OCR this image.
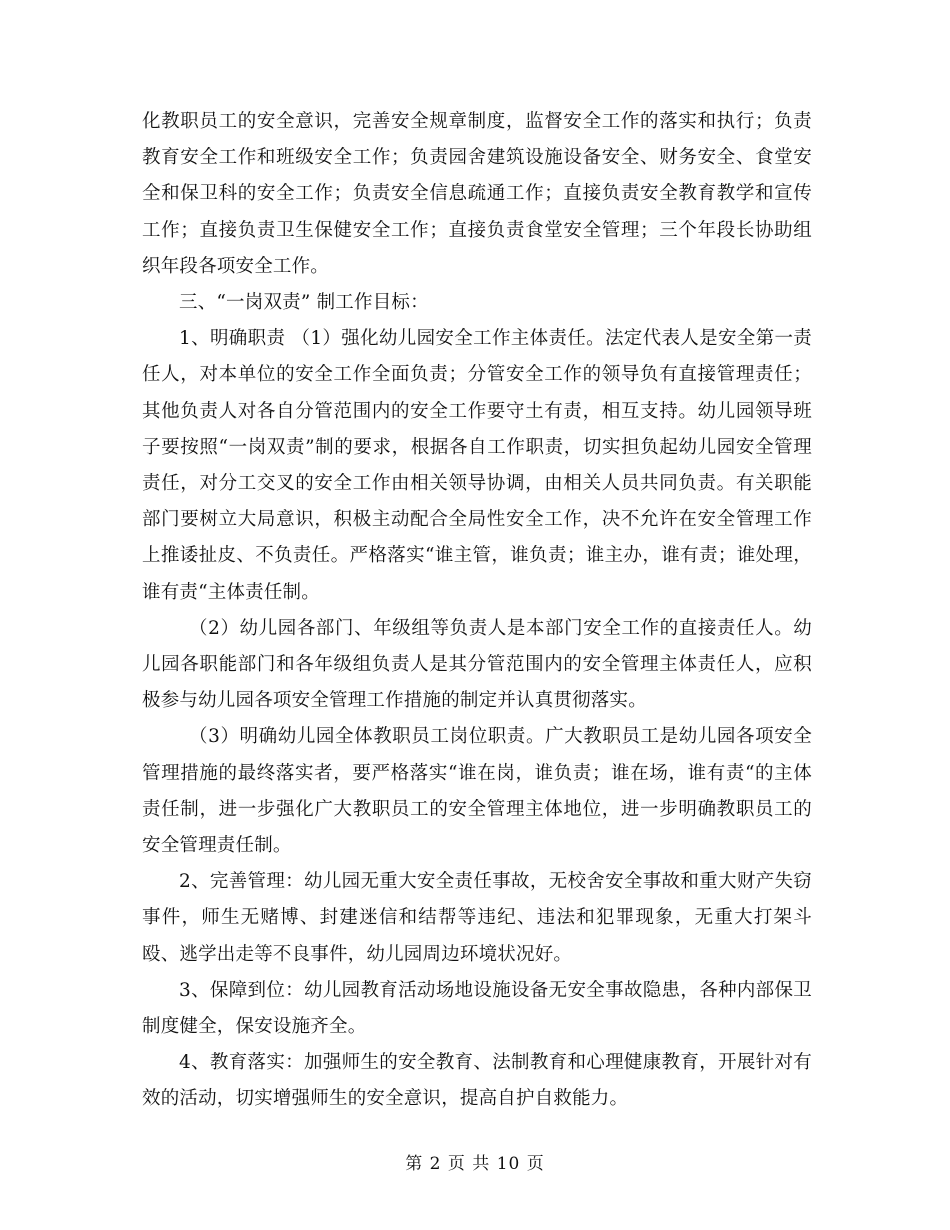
化教职员工的安全意识，完善安全规章制度，监督安全工作的落实和执行；负责教育安全工作和班级安全工作；负责园舍建筑设施设备安全、财务安全、食堂安全和保卫科的安全工作；负责安全信息疏通工作；直接负责安全教育教学和宣传工作；直接负责卫生保健安全工作；直接负责食堂安全管理；三个年段长协助组织年段各项安全工作。

三、“一岗双责” 制工作目标：

1、明确职责 （1）强化幼儿园安全工作主体责任。法定代表人是安全第一责任人，对本单位的安全工作全面负责；分管安全工作的领导负有直接管理责任；其他负责人对各自分管范围内的安全工作要守土有责，相互支持。幼儿园领导班子要按照“一岗双责”制的要求，根据各自工作职责，切实担负起幼儿园安全管理责任，对分工交叉的安全工作由相关领导协调，由相关人员共同负责。有关职能部门要树立大局意识，积极主动配合全局性安全工作，决不允许在安全管理工作上推诿扯皮、不负责任。严格落实“谁主管，谁负责；谁主办，谁有责；谁处理，谁有责“主体责任制。

（2）幼儿园各部门、年级组等负责人是本部门安全工作的直接责任人。幼儿园各职能部门和各年级组负责人是其分管范围内的安全管理主体责任人，应积极参与幼儿园各项安全管理工作措施的制定并认真贯彻落实。

（3）明确幼儿园全体教职员工岗位职责。广大教职员工是幼儿园各项安全管理措施的最终落实者，要严格落实“谁在岗，谁负责；谁在场，谁有责“的主体责任制，进一步强化广大教职员工的安全管理主体地位，进一步明确教职员工的安全管理责任制。

2、完善管理：幼儿园无重大安全责任事故，无校舍安全事故和重大财产失窃事件，师生无赌博、封建迷信和结帮等违纪、违法和犯罪现象，无重大打架斗殴、逃学出走等不良事件，幼儿园周边环境状况好。

3、保障到位：幼儿园教育活动场地设施设备无安全事故隐患，各种内部保卫制度健全，保安设施齐全。

4、教育落实：加强师生的安全教育、法制教育和心理健康教育，开展针对有效的活动，切实增强师生的安全意识，提高自护自救能力。

第 2 页 共 10 页
